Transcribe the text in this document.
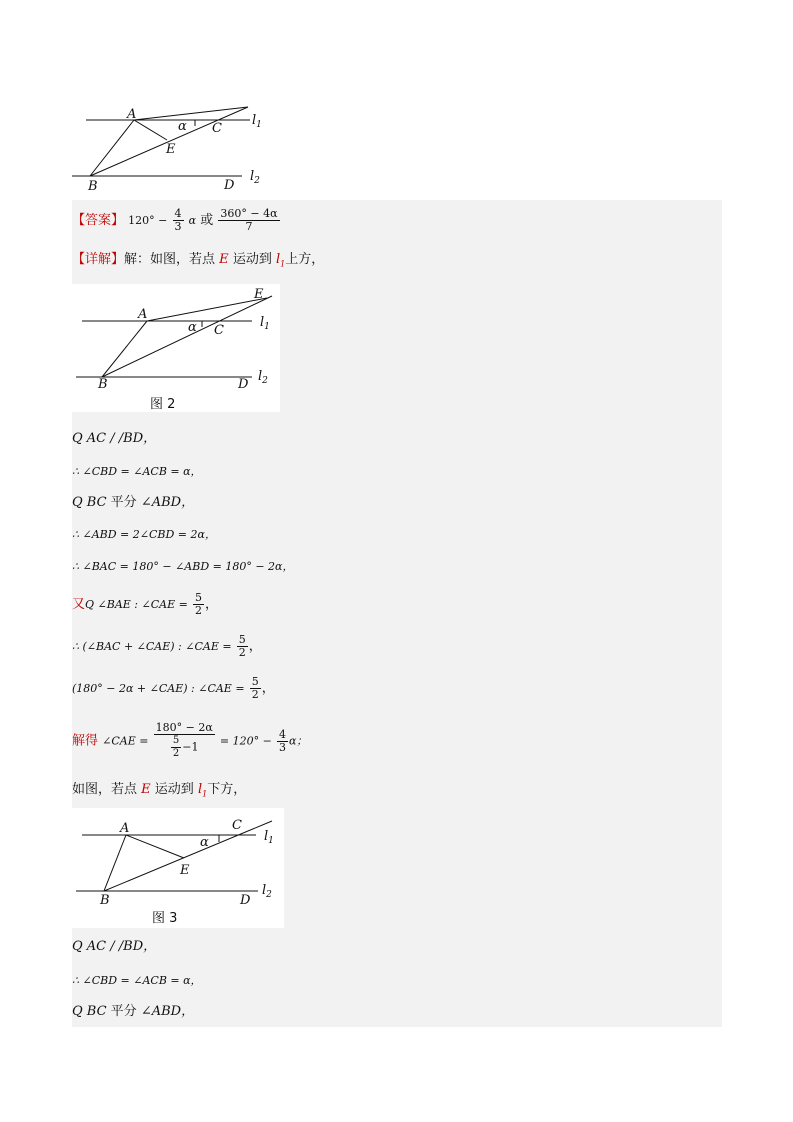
A
α C
E
B	D
$l_1$
$l_2$
【答案】 $120^\circ - \frac{4}{3}$ α 或 $\frac{360^\circ - 4\alpha}{7}$
【详解】解：如图，若点 E 运动到 $l_1$上方，
A
α C
E
B	D
$l_1$
$l_2$
图 2
Q AC / /BD，
∴ ∠CBD = ∠ACB = α，
Q BC 平分 ∠ABD，
∴ ∠ABD = 2∠CBD = 2α，
∴ ∠BAC = 180° − ∠ABD = 180° − 2α，
又Q ∠BAE : ∠CAE = $\frac{5}{2}$ ，
∴ (∠BAC + ∠CAE) : ∠CAE = $\frac{5}{2}$ ，
(180° − 2α + ∠CAE) : ∠CAE = $\frac{5}{2}$ ，
解得 ∠CAE = $\frac{180^\circ - 2\alpha}{\frac{5}{2} -1} = 120^\circ - \frac{4}{3}$ α；
如图，若点 E 运动到 $l_1$下方，
A
α
C
E
B	D
$l_1$
$l_2$
图 3
Q AC / /BD，
∴ ∠CBD = ∠ACB = α，
Q BC 平分 ∠ABD，
